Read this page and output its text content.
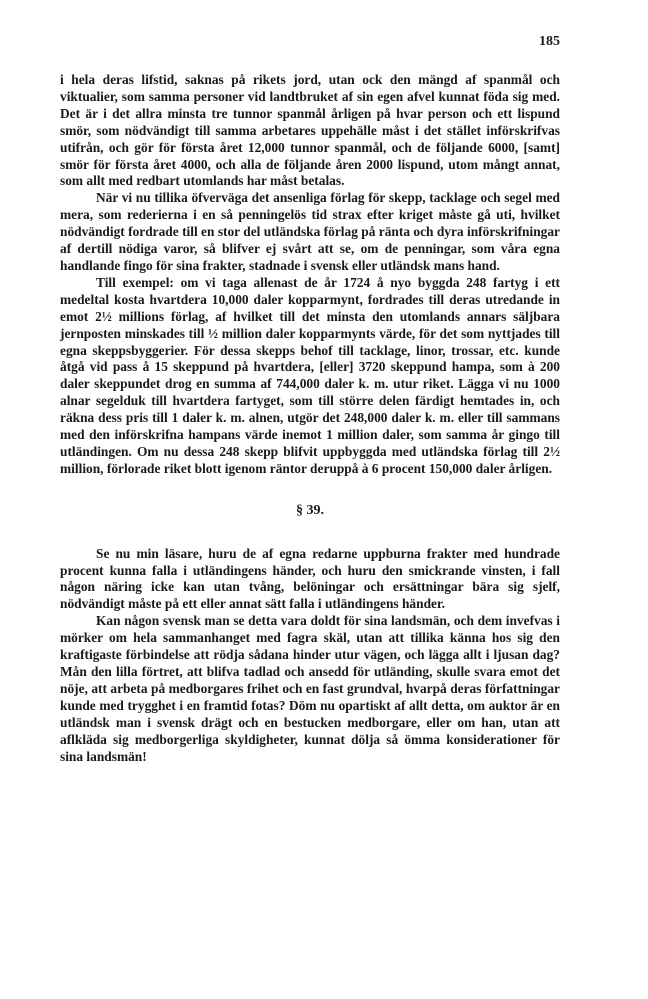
185

i hela deras lifstid, saknas på rikets jord, utan ock den mängd af spanmål och viktualier, som samma personer vid landtbruket af sin egen afvel kunnat föda sig med. Det är i det allra minsta tre tunnor spanmål årligen på hvar person och ett lispund smör, som nödvändigt till samma arbetares uppehälle måst i det stället införskrifvas utifrån, och gör för första året 12,000 tunnor spanmål, och de följande 6000, [samt] smör för första året 4000, och alla de följande åren 2000 lispund, utom mångt annat, som allt med redbart utomlands har måst betalas.

När vi nu tillika öfverväga det ansenliga förlag för skepp, tacklage och segel med mera, som rederierna i en så penningelös tid strax efter kriget måste gå uti, hvilket nödvändigt fordrade till en stor del utländska förlag på ränta och dyra införskrifningar af dertill nödiga varor, så blifver ej svårt att se, om de penningar, som våra egna handlande fingo för sina frakter, stadnade i svensk eller utländsk mans hand.

Till exempel: om vi taga allenast de år 1724 å nyo byggda 248 fartyg i ett medeltal kosta hvartdera 10,000 daler kopparmynt, fordrades till deras utredande in emot 2½ millions förlag, af hvilket till det minsta den utomlands annars säljbara jernposten minskades till ½ million daler kopparmynts värde, för det som nyttjades till egna skeppsbyggerier. För dessa skepps behof till tacklage, linor, trossar, etc. kunde åtgå vid pass å 15 skeppund på hvartdera, [eller] 3720 skeppund hampa, som à 200 daler skeppundet drog en summa af 744,000 daler k. m. utur riket. Lägga vi nu 1000 alnar segelduk till hvartdera fartyget, som till större delen färdigt hemtades in, och räkna dess pris till 1 daler k. m. alnen, utgör det 248,000 daler k. m. eller till sammans med den införskrifna hampans värde inemot 1 million daler, som samma år gingo till utländingen. Om nu dessa 248 skepp blifvit uppbyggda med utländska förlag till 2½ million, förlorade riket blott igenom räntor deruppå à 6 procent 150,000 daler årligen.

§ 39.

Se nu min läsare, huru de af egna redarne uppburna frakter med hundrade procent kunna falla i utländingens händer, och huru den smickrande vinsten, i fall någon näring icke kan utan tvång, belöningar och ersättningar bära sig sjelf, nödvändigt måste på ett eller annat sätt falla i utländingens händer.

Kan någon svensk man se detta vara doldt för sina landsmän, och dem invefvas i mörker om hela sammanhanget med fagra skäl, utan att tillika känna hos sig den kraftigaste förbindelse att rödja sådana hinder utur vägen, och lägga allt i ljusan dag? Mån den lilla förtret, att blifva tadlad och ansedd för utländing, skulle svara emot det nöje, att arbeta på medborgares frihet och en fast grundval, hvarpå deras författningar kunde med trygghet i en framtid fotas? Döm nu opartiskt af allt detta, om auktor är en utländsk man i svensk drägt och en bestucken medborgare, eller om han, utan att aflkläda sig medborgerliga skyldigheter, kunnat dölja så ömma konsiderationer för sina landsmän!
